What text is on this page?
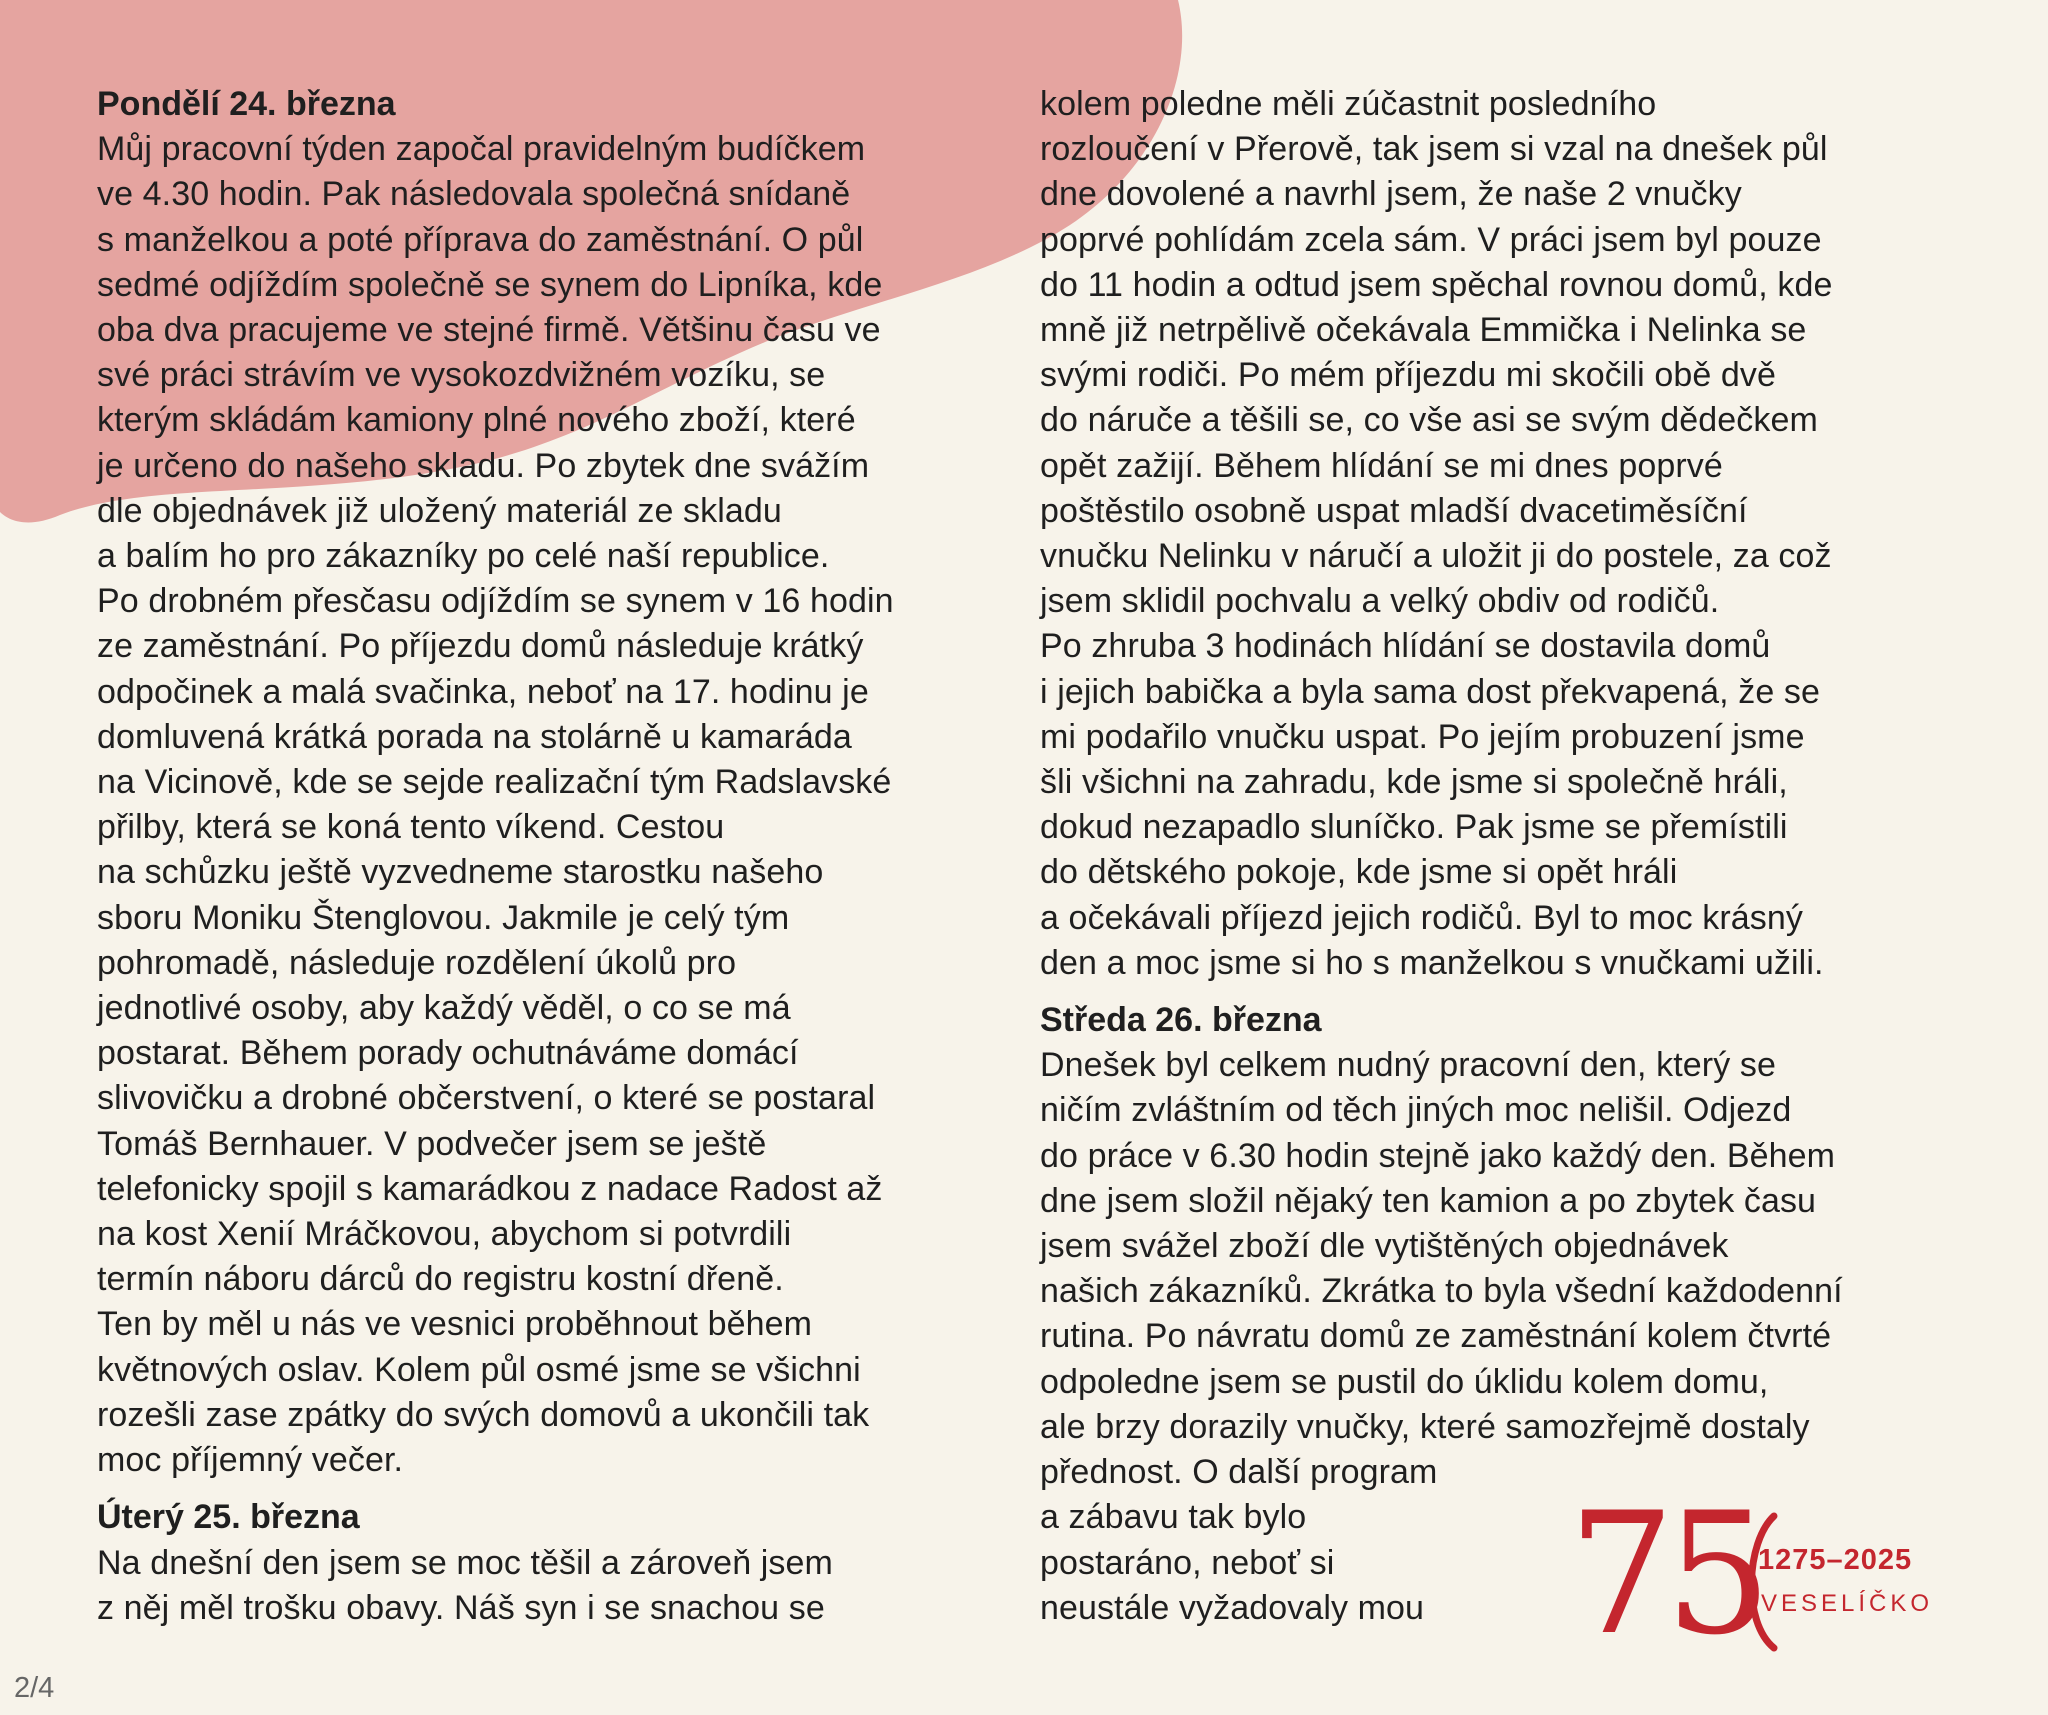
Pondělí 24. března

Můj pracovní týden započal pravidelným budíčkem
ve 4.30 hodin. Pak následovala společná snídaně
s manželkou a poté příprava do zaměstnání. O půl
sedmé odjíždím společně se synem do Lipníka, kde
oba dva pracujeme ve stejné firmě. Většinu času ve
své práci strávím ve vysokozdvižném vozíku, se
kterým skládám kamiony plné nového zboží, které
je určeno do našeho skladu. Po zbytek dne svážím
dle objednávek již uložený materiál ze skladu
a balím ho pro zákazníky po celé naší republice.
Po drobném přesčasu odjíždím se synem v 16 hodin
ze zaměstnání. Po příjezdu domů následuje krátký
odpočinek a malá svačinka, neboť na 17. hodinu je
domluvená krátká porada na stolárně u kamaráda
na Vicinově, kde se sejde realizační tým Radslavské
přilby, která se koná tento víkend. Cestou
na schůzku ještě vyzvedneme starostku našeho
sboru Moniku Štenglovou. Jakmile je celý tým
pohromadě, následuje rozdělení úkolů pro
jednotlivé osoby, aby každý věděl, o co se má
postarat. Během porady ochutnáváme domácí
slivovičku a drobné občerstvení, o které se postaral
Tomáš Bernhauer. V podvečer jsem se ještě
telefonicky spojil s kamarádkou z nadace Radost až
na kost Xenií Mráčkovou, abychom si potvrdili
termín náboru dárců do registru kostní dřeně.
Ten by měl u nás ve vesnici proběhnout během
květnových oslav. Kolem půl osmé jsme se všichni
rozešli zase zpátky do svých domovů a ukončili tak
moc příjemný večer.

Úterý 25. března

Na dnešní den jsem se moc těšil a zároveň jsem
z něj měl trošku obavy. Náš syn i se snachou se

kolem poledne měli zúčastnit posledního
rozloučení v Přerově, tak jsem si vzal na dnešek půl
dne dovolené a navrhl jsem, že naše 2 vnučky
poprvé pohlídám zcela sám. V práci jsem byl pouze
do 11 hodin a odtud jsem spěchal rovnou domů, kde
mně již netrpělivě očekávala Emmička i Nelinka se
svými rodiči. Po mém příjezdu mi skočili obě dvě
do náruče a těšili se, co vše asi se svým dědečkem
opět zažijí. Během hlídání se mi dnes poprvé
poštěstilo osobně uspat mladší dvacetiměsíční
vnučku Nelinku v náručí a uložit ji do postele, za což
jsem sklidil pochvalu a velký obdiv od rodičů.
Po zhruba 3 hodinách hlídání se dostavila domů
i jejich babička a byla sama dost překvapená, že se
mi podařilo vnučku uspat. Po jejím probuzení jsme
šli všichni na zahradu, kde jsme si společně hráli,
dokud nezapadlo sluníčko. Pak jsme se přemístili
do dětského pokoje, kde jsme si opět hráli
a očekávali příjezd jejich rodičů. Byl to moc krásný
den a moc jsme si ho s manželkou s vnučkami užili.

Středa 26. března

Dnešek byl celkem nudný pracovní den, který se
ničím zvláštním od těch jiných moc nelišil. Odjezd
do práce v 6.30 hodin stejně jako každý den. Během
dne jsem složil nějaký ten kamion a po zbytek času
jsem svážel zboží dle vytištěných objednávek
našich zákazníků. Zkrátka to byla všední každodenní
rutina. Po návratu domů ze zaměstnání kolem čtvrté
odpoledne jsem se pustil do úklidu kolem domu,
ale brzy dorazily vnučky, které samozřejmě dostaly
přednost. O další program
a zábavu tak bylo
postaráno, neboť si
neustále vyžadovaly mou 75
1275–2025
VESELÍČKO
2/4
